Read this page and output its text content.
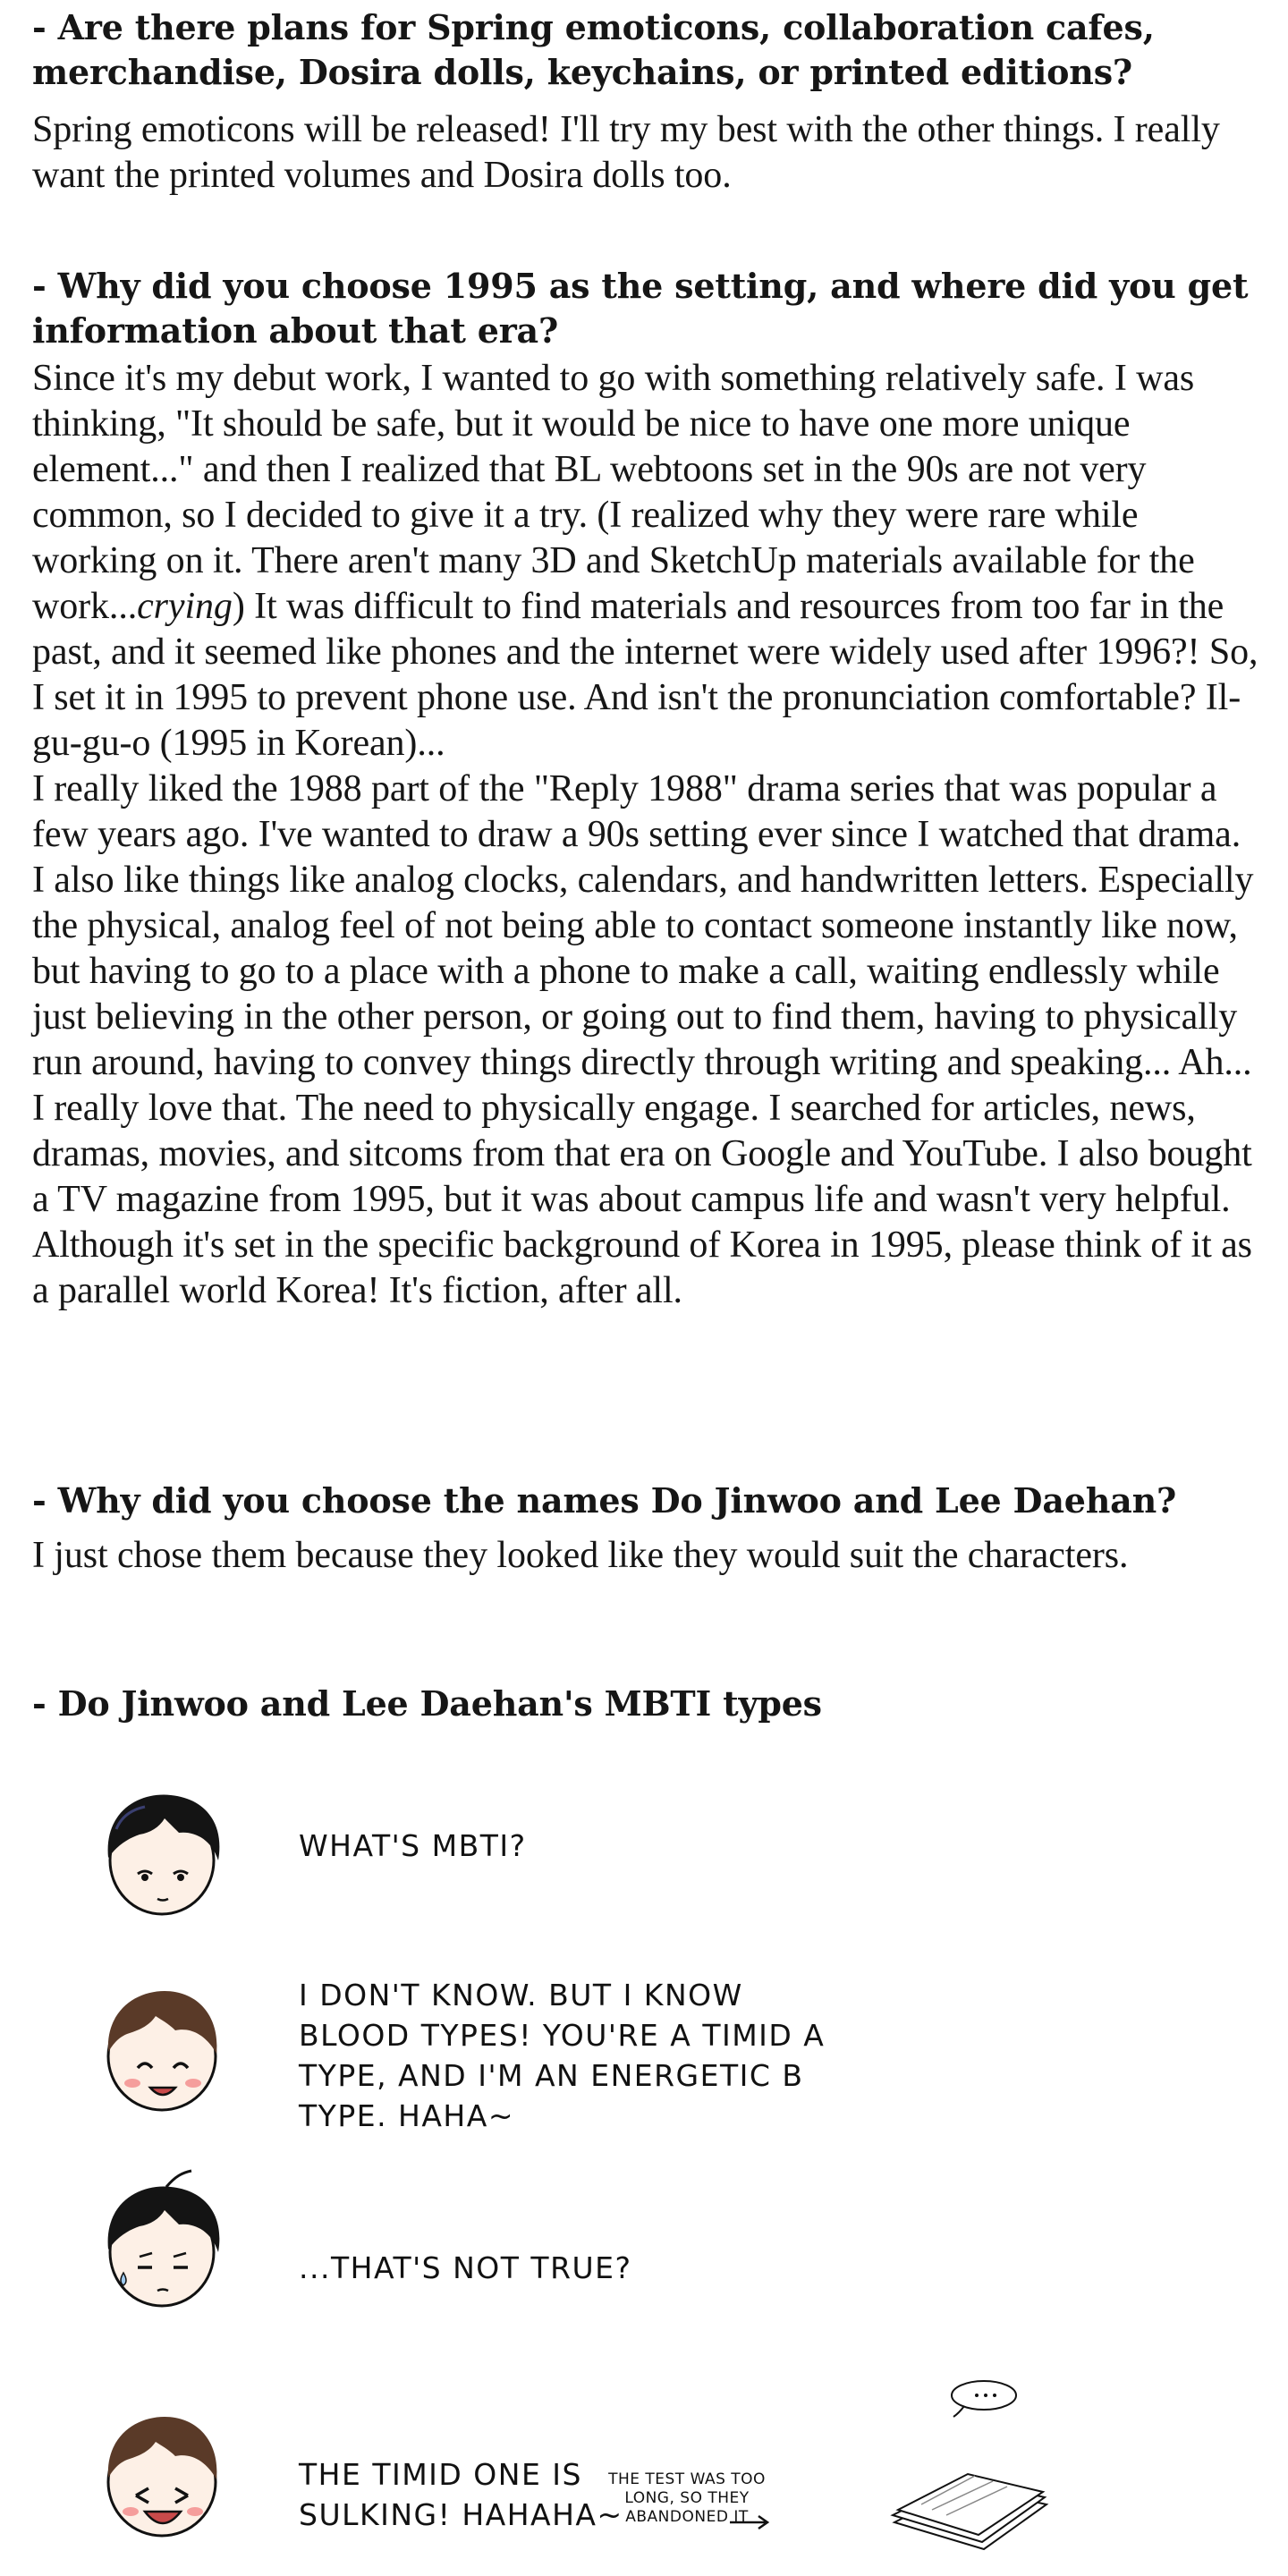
- Are there plans for Spring emoticons, collaboration cafes, merchandise, Dosira dolls, keychains, or printed editions?

Spring emoticons will be released! I'll try my best with the other things. I really want the printed volumes and Dosira dolls too.

- Why did you choose 1995 as the setting, and where did you get information about that era?

Since it's my debut work, I wanted to go with something relatively safe. I was thinking, "It should be safe, but it would be nice to have one more unique element..." and then I realized that BL webtoons set in the 90s are not very common, so I decided to give it a try. (I realized why they were rare while working on it. There aren't many 3D and SketchUp materials available for the work...crying) It was difficult to find materials and resources from too far in the past, and it seemed like phones and the internet were widely used after 1996?! So, I set it in 1995 to prevent phone use. And isn't the pronunciation comfortable? Il-gu-gu-o (1995 in Korean)...

I really liked the 1988 part of the "Reply 1988" drama series that was popular a few years ago. I've wanted to draw a 90s setting ever since I watched that drama. I also like things like analog clocks, calendars, and handwritten letters. Especially the physical, analog feel of not being able to contact someone instantly like now, but having to go to a place with a phone to make a call, waiting endlessly while just believing in the other person, or going out to find them, having to physically run around, having to convey things directly through writing and speaking... Ah... I really love that. The need to physically engage. I searched for articles, news, dramas, movies, and sitcoms from that era on Google and YouTube. I also bought a TV magazine from 1995, but it was about campus life and wasn't very helpful. Although it's set in the specific background of Korea in 1995, please think of it as a parallel world Korea! It's fiction, after all.

- Why did you choose the names Do Jinwoo and Lee Daehan?

I just chose them because they looked like they would suit the characters.

- Do Jinwoo and Lee Daehan's MBTI types
WHAT'S MBTI?
I DON'T KNOW. BUT I KNOW
BLOOD TYPES! YOU'RE A TIMID A
TYPE, AND I'M AN ENERGETIC B
TYPE. HAHA~
...THAT'S NOT TRUE?
THE TIMID ONE IS
SULKING! HAHAHA~
THE TEST WAS TOO
LONG, SO THEY
ABANDONED IT
